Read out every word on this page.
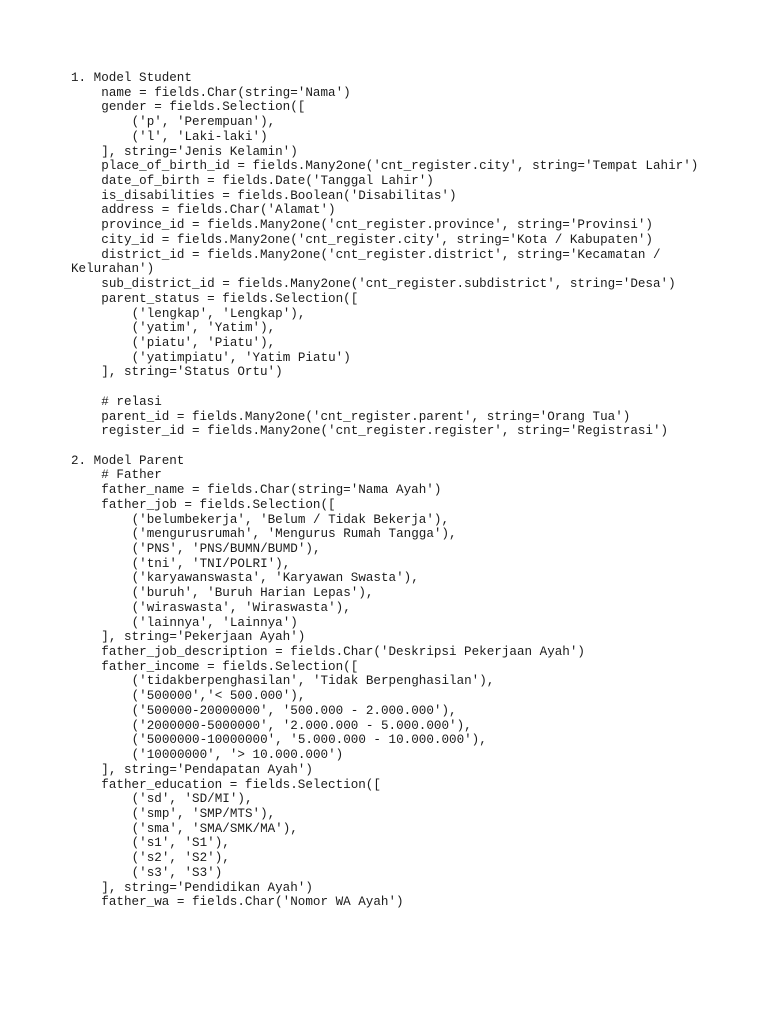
1. Model Student
name = fields.Char(string='Nama')
gender = fields.Selection([
('p', 'Perempuan'),
('l', 'Laki-laki')
], string='Jenis Kelamin')
place_of_birth_id = fields.Many2one('cnt_register.city', string='Tempat Lahir')
date_of_birth = fields.Date('Tanggal Lahir')
is_disabilities = fields.Boolean('Disabilitas')
address = fields.Char('Alamat')
province_id = fields.Many2one('cnt_register.province', string='Provinsi')
city_id = fields.Many2one('cnt_register.city', string='Kota / Kabupaten')
district_id = fields.Many2one('cnt_register.district', string='Kecamatan /
Kelurahan')
sub_district_id = fields.Many2one('cnt_register.subdistrict', string='Desa')
parent_status = fields.Selection([
('lengkap', 'Lengkap'),
('yatim', 'Yatim'),
('piatu', 'Piatu'),
('yatimpiatu', 'Yatim Piatu')
], string='Status Ortu')
# relasi
parent_id = fields.Many2one('cnt_register.parent', string='Orang Tua')
register_id = fields.Many2one('cnt_register.register', string='Registrasi')
2. Model Parent
# Father
father_name = fields.Char(string='Nama Ayah')
father_job = fields.Selection([
('belumbekerja', 'Belum / Tidak Bekerja'),
('mengurusrumah', 'Mengurus Rumah Tangga'),
('PNS', 'PNS/BUMN/BUMD'),
('tni', 'TNI/POLRI'),
('karyawanswasta', 'Karyawan Swasta'),
('buruh', 'Buruh Harian Lepas'),
('wiraswasta', 'Wiraswasta'),
('lainnya', 'Lainnya')
], string='Pekerjaan Ayah')
father_job_description = fields.Char('Deskripsi Pekerjaan Ayah')
father_income = fields.Selection([
('tidakberpenghasilan', 'Tidak Berpenghasilan'),
('500000','< 500.000'),
('500000-20000000', '500.000 - 2.000.000'),
('2000000-5000000', '2.000.000 - 5.000.000'),
('5000000-10000000', '5.000.000 - 10.000.000'),
('10000000', '> 10.000.000')
], string='Pendapatan Ayah')
father_education = fields.Selection([
('sd', 'SD/MI'),
('smp', 'SMP/MTS'),
('sma', 'SMA/SMK/MA'),
('s1', 'S1'),
('s2', 'S2'),
('s3', 'S3')
], string='Pendidikan Ayah')
father_wa = fields.Char('Nomor WA Ayah')
